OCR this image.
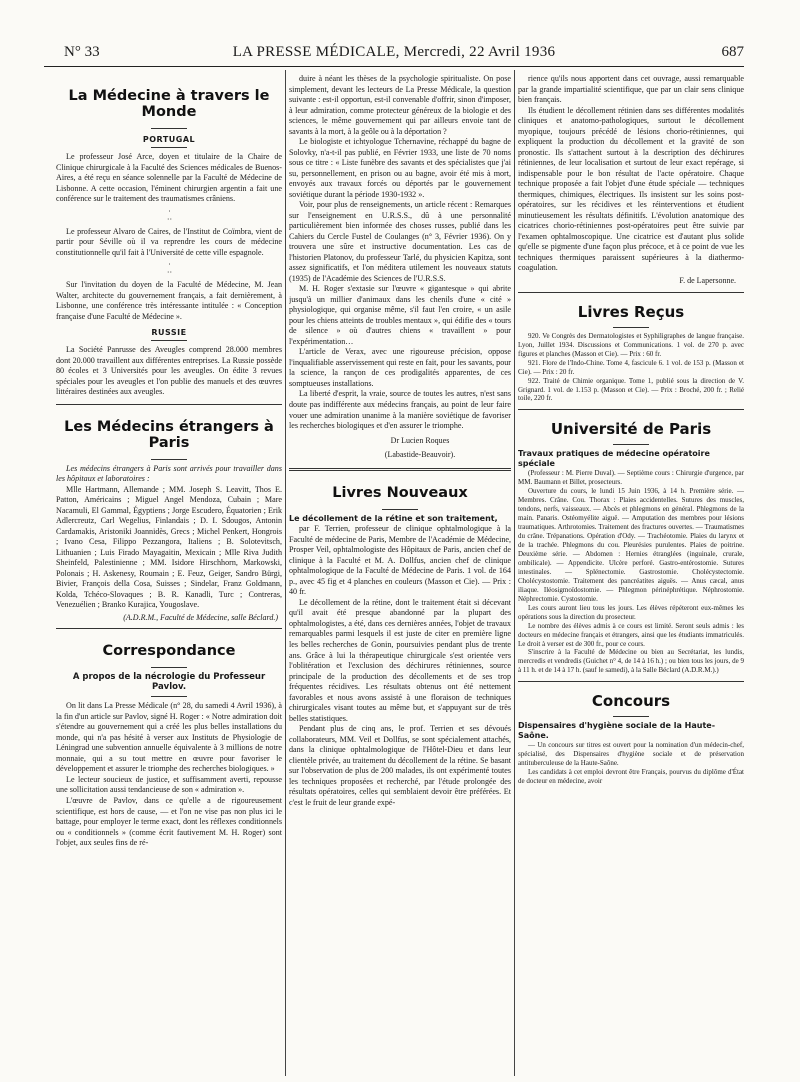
N° 33	LA PRESSE MÉDICALE, Mercredi, 22 Avril 1936	687
La Médecine à travers le Monde
PORTUGAL

Le professeur José Arce, doyen et titulaire de la Chaire de Clinique chirurgicale à la Faculté des Sciences médicales de Buenos-Aires, a été reçu en séance solennelle par la Faculté de Médecine de Lisbonne. A cette occasion, l'éminent chirurgien argentin a fait une conférence sur le traitement des traumatismes crâniens.

·
· ·

Le professeur Alvaro de Caires, de l'Institut de Coïmbra, vient de partir pour Séville où il va reprendre les cours de médecine constitutionnelle qu'il fait à l'Université de cette ville espagnole.

·
· ·

Sur l'invitation du doyen de la Faculté de Médecine, M. Jean Walter, architecte du gouvernement français, a fait dernièrement, à Lisbonne, une conférence très intéressante intitulée : « Conception française d'une Faculté de Médecine ».

RUSSIE

La Société Panrusse des Aveugles comprend 28.000 membres dont 20.000 travaillent aux différentes entreprises. La Russie possède 80 écoles et 3 Universités pour les aveugles. On édite 3 revues spéciales pour les aveugles et l'on publie des manuels et des œuvres littéraires destinées aux aveugles.

Les Médecins étrangers à Paris

Les médecins étrangers à Paris sont arrivés pour travailler dans les hôpitaux et laboratoires :

Mlle Hartmann, Allemande ; MM. Joseph S. Leavitt, Thos E. Patton, Américains ; Miguel Angel Mendoza, Cubain ; Mare Nacamuli, El Gammal, Égyptiens ; Jorge Escudero, Équatorien ; Erik Adlercreutz, Carl Wegelius, Finlandais ; D. I. Sdougos, Antonin Cardamakis, Aristoniki Joannidès, Grecs ; Michel Penkert, Hongrois ; Ivano Cesa, Filippo Pezzangora, Italiens ; B. Solotevitsch, Lithuanien ; Luis Firado Mayagaitin, Mexicain ; Mlle Riva Judith Sheinfeld, Palestinienne ; MM. Isidore Hirschhorn, Markowski, Polonais ; H. Askenesy, Roumain ; E. Feuz, Geiger, Sandro Bürgi, Bivier, François della Cosa, Suisses ; Sindelar, Franz Goldmann, Kolda, Tchéco-Slovaques ; B. R. Kanadli, Turc ; Contreras, Venezuélien ; Branko Kurajica, Yougoslave.

(A.D.R.M., Faculté de Médecine, salle Béclard.)
Correspondance
A propos de la nécrologie du Professeur Pavlov.

On lit dans La Presse Médicale (n° 28, du samedi 4 Avril 1936), à la fin d'un article sur Pavlov, signé H. Roger : « Notre admiration doit s'étendre au gouvernement qui a créé les plus belles installations du monde, qui n'a pas hésité à verser aux Instituts de Physiologie de Léningrad une subvention annuelle équivalente à 3 millions de notre monnaie, qui a su tout mettre en œuvre pour favoriser le développement et assurer le triomphe des recherches biologiques. »

Le lecteur soucieux de justice, et suffisamment averti, repousse une sollicitation aussi tendancieuse de son « admiration ».

L'œuvre de Pavlov, dans ce qu'elle a de rigoureusement scientifique, est hors de cause, — et l'on ne vise pas non plus ici le battage, pour employer le terme exact, dont les réflexes conditionnels ou « conditionnels » (comme écrit fautivement M. H. Roger) sont l'objet, aux seules fins de ré-

duire à néant les thèses de la psychologie spiritualiste. On pose simplement, devant les lecteurs de La Presse Médicale, la question suivante : est-il opportun, est-il convenable d'offrir, sinon d'imposer, à leur admiration, comme protecteur généreux de la biologie et des sciences, le même gouvernement qui par ailleurs envoie tant de savants à la mort, à la geôle ou à la déportation ?

Le biologiste et ichtyologue Tchernavine, réchappé du bagne de Solovky, n'a-t-il pas publié, en Février 1933, une liste de 70 noms sous ce titre : « Liste funèbre des savants et des spécialistes que j'ai su, personnellement, en prison ou au bagne, avoir été mis à mort, envoyés aux travaux forcés ou déportés par le gouvernement soviétique durant la période 1930-1932 ».

Voir, pour plus de renseignements, un article récent : Remarques sur l'enseignement en U.R.S.S., dû à une personnalité particulièrement bien informée des choses russes, publié dans les Cahiers du Cercle Fustel de Coulanges (n° 3, Février 1936). On y trouvera une sûre et instructive documentation. Les cas de l'historien Platonov, du professeur Tarlé, du physicien Kapitza, sont assez significatifs, et l'on méditera utilement les nouveaux statuts (1935) de l'Académie des Sciences de l'U.R.S.S.

M. H. Roger s'extasie sur l'œuvre « gigantesque » qui abrite jusqu'à un millier d'animaux dans les chenils d'une « cité » physiologique, qui organise même, s'il faut l'en croire, « un asile pour les chiens atteints de troubles mentaux », qui édifie des « tours de silence » où d'autres chiens « travaillent » pour l'expérimentation…

L'article de Verax, avec une rigoureuse précision, oppose l'inqualifiable asservissement qui reste en fait, pour les savants, pour la science, la rançon de ces prodigalités apparentes, de ces somptueuses installations.

La liberté d'esprit, la vraie, source de toutes les autres, n'est sans doute pas indifférente aux médecins français, au point de leur faire vouer une admiration unanime à la manière soviétique de favoriser les recherches biologiques et d'en assurer le triomphe.

Dr Lucien Roques
(Labastide-Beauvoir).
Livres Nouveaux
Le décollement de la rétine et son traitement,

par F. Terrien, professeur de clinique ophtalmologique à la Faculté de médecine de Paris, Membre de l'Académie de Médecine, Prosper Veil, ophtalmologiste des Hôpitaux de Paris, ancien chef de clinique à la Faculté et M. A. Dollfus, ancien chef de clinique ophtalmologique de la Faculté de Médecine de Paris. 1 vol. de 164 p., avec 45 fig et 4 planches en couleurs (Masson et Cie). — Prix : 40 fr.

Le décollement de la rétine, dont le traitement était si décevant qu'il avait été presque abandonné par la plupart des ophtalmologistes, a été, dans ces dernières années, l'objet de travaux remarquables parmi lesquels il est juste de citer en première ligne les belles recherches de Gonin, poursuivies pendant plus de trente ans. Grâce à lui la thérapeutique chirurgicale s'est orientée vers l'oblitération et l'exclusion des déchirures rétiniennes, source principale de la production des décollements et de ses trop fréquentes récidives. Les résultats obtenus ont été nettement favorables et nous avons assisté à une floraison de techniques chirurgicales visant toutes au même but, et s'appuyant sur de très belles statistiques.

Pendant plus de cinq ans, le prof. Terrien et ses dévoués collaborateurs, MM. Veil et Dollfus, se sont spécialement attachés, dans la clinique ophtalmologique de l'Hôtel-Dieu et dans leur clientèle privée, au traitement du décollement de la rétine. Se basant sur l'observation de plus de 200 malades, ils ont expérimenté toutes les techniques proposées et recherché, par l'étude prolongée des résultats opératoires, celles qui semblaient devoir être préférées. Et c'est le fruit de leur grande expé-

rience qu'ils nous apportent dans cet ouvrage, aussi remarquable par la grande impartialité scientifique, que par un clair sens clinique bien français.

Ils étudient le décollement rétinien dans ses différentes modalités cliniques et anatomo-pathologiques, surtout le décollement myopique, toujours précédé de lésions chorio-rétiniennes, qui expliquent la production du décollement et la gravité de son pronostic. Ils s'attachent surtout à la description des déchirures rétiniennes, de leur localisation et surtout de leur exact repérage, si indispensable pour le bon résultat de l'acte opératoire. Chaque technique proposée a fait l'objet d'une étude spéciale — techniques thermiques, chimiques, électriques. Ils insistent sur les soins post-opératoires, sur les récidives et les réinterventions et étudient minutieusement les résultats définitifs. L'évolution anatomique des cicatrices chorio-rétiniennes post-opératoires peut être suivie par l'examen ophtalmoscopique. Une cicatrice est d'autant plus solide qu'elle se pigmente d'une façon plus précoce, et à ce point de vue les techniques thermiques paraissent supérieures à la diathermo-coagulation.

F. de Lapersonne.
Livres Reçus

920. Ve Congrès des Dermatologistes et Syphiligraphes de langue française. Lyon, Juillet 1934. Discussions et Communications. 1 vol. de 270 p. avec figures et planches (Masson et Cie). — Prix : 60 fr.

921. Flore de l'Indo-Chine. Tome 4, fascicule 6. 1 vol. de 153 p. (Masson et Cie). — Prix : 20 fr.

922. Traité de Chimie organique. Tome 1, publié sous la direction de V. Grignard. 1 vol. de 1.153 p. (Masson et Cie). — Prix : Broché, 200 fr. ; Relié toile, 220 fr.

Université de Paris
Travaux pratiques de médecine opératoire spéciale

(Professeur : M. Pierre Duval). — Septième cours : Chirurgie d'urgence, par MM. Baumann et Billet, prosecteurs.

Ouverture du cours, le lundi 15 Juin 1936, à 14 h. Première série. — Membres. Crâne. Cou. Thorax : Plaies accidentelles. Sutures des muscles, tendons, nerfs, vaisseaux. — Abcès et phlegmons en général. Phlegmons de la main. Panaris. Ostéomyélite aiguë. — Amputation des membres pour lésions traumatiques. Arthrotomies. Traitement des fractures ouvertes. — Traumatismes du crâne. Trépanations. Opération d'Ody. — Trachéotomie. Plaies du larynx et de la trachée. Phlegmons du cou. Pleurésies purulentes. Plaies de poitrine. Deuxième série. — Abdomen : Hernies étranglées (inguinale, crurale, ombilicale). — Appendicite. Ulcère perforé. Gastro-entérostomie. Sutures intestinales. — Splénectomie. Gastrostomie. Cholécystectomie. Cholécystostomie. Traitement des pancréatites aiguës. — Anus cæcal, anus iliaque. Iléosigmoïdostomie. — Phlegmon périnéphrétique. Néphrostomie. Néphrectomie. Cystostomie.

Les cours auront lieu tous les jours. Les élèves répéteront eux-mêmes les opérations sous la direction du prosecteur.

Le nombre des élèves admis à ce cours est limité. Seront seuls admis : les docteurs en médecine français et étrangers, ainsi que les étudiants immatriculés. Le droit à verser est de 300 fr., pour ce cours.

S'inscrire à la Faculté de Médecine ou bien au Secrétariat, les lundis, mercredis et vendredis (Guichet n° 4, de 14 à 16 h.) ; ou bien tous les jours, de 9 à 11 h. et de 14 à 17 h. (sauf le samedi), à la Salle Béclard (A.D.R.M.).)

Concours
Dispensaires d'hygiène sociale de la Haute-Saône.

— Un concours sur titres est ouvert pour la nomination d'un médecin-chef, spécialisé, des Dispensaires d'hygiène sociale et de préservation antituberculeuse de la Haute-Saône.

Les candidats à cet emploi devront être Français, pourvus du diplôme d'État de docteur en médecine, avoir
